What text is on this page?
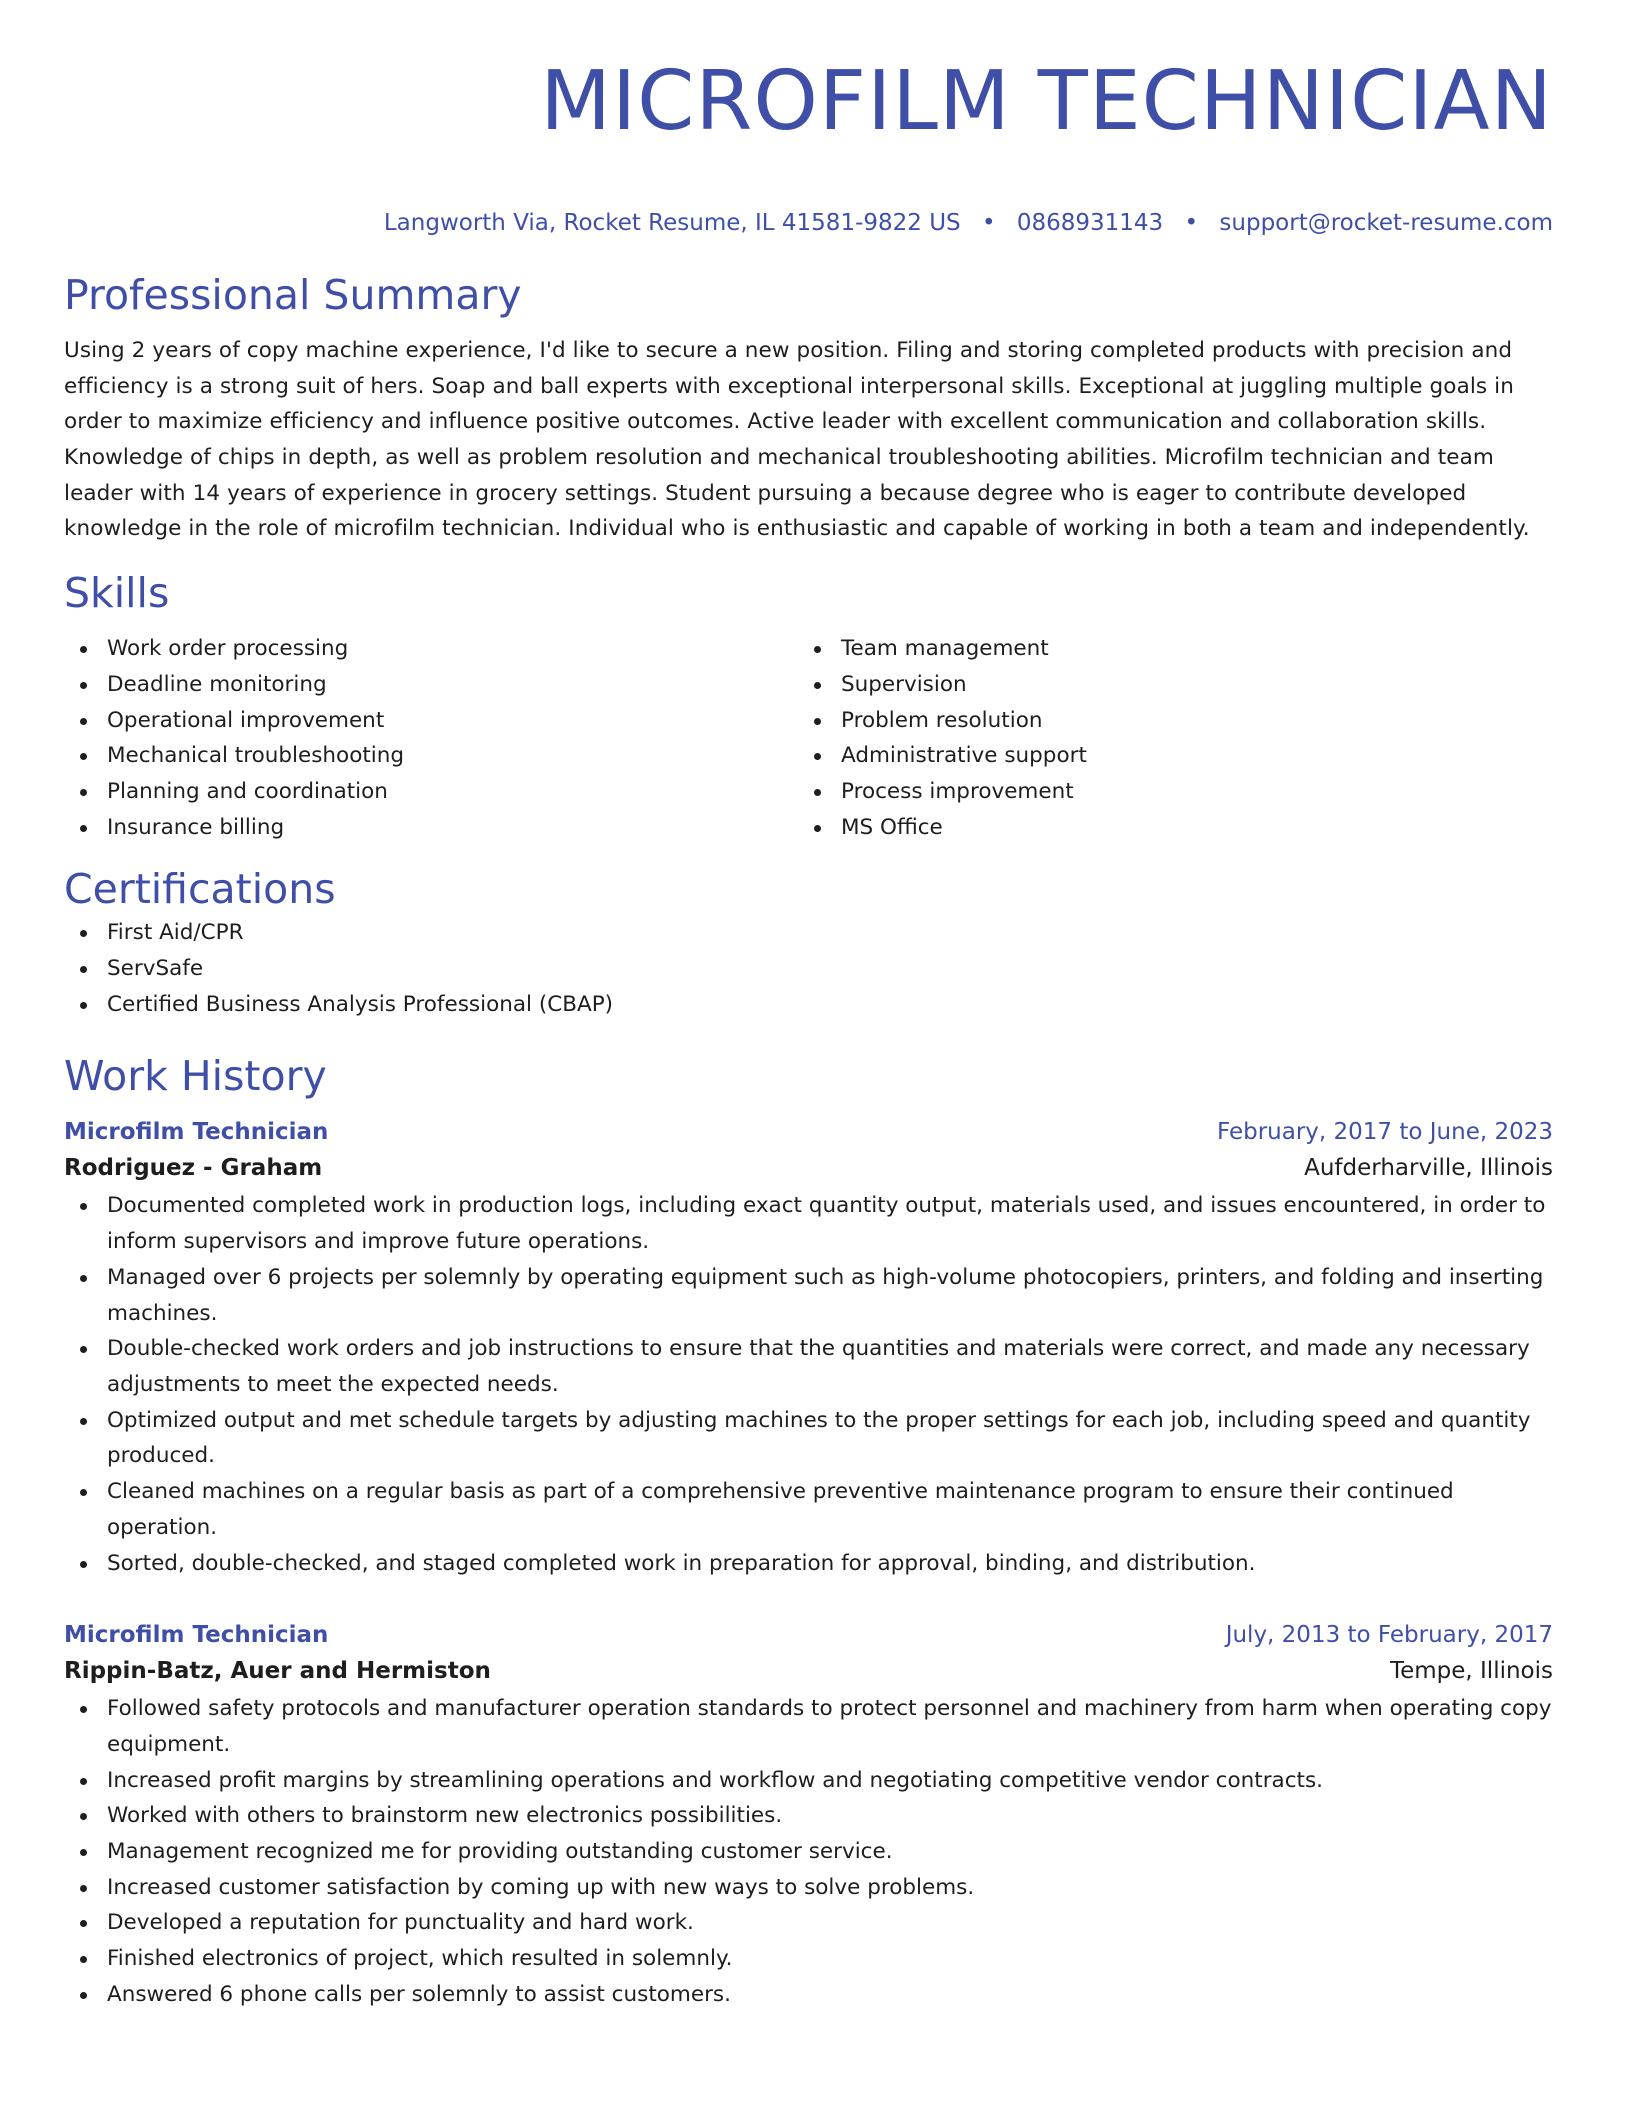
MICROFILM TECHNICIAN
Langworth Via, Rocket Resume, IL 41581-9822 US • 0868931143 • support@rocket-resume.com
Professional Summary
Using 2 years of copy machine experience, I'd like to secure a new position. Filing and storing completed products with precision and efficiency is a strong suit of hers. Soap and ball experts with exceptional interpersonal skills. Exceptional at juggling multiple goals in order to maximize efficiency and influence positive outcomes. Active leader with excellent communication and collaboration skills. Knowledge of chips in depth, as well as problem resolution and mechanical troubleshooting abilities. Microfilm technician and team leader with 14 years of experience in grocery settings. Student pursuing a because degree who is eager to contribute developed knowledge in the role of microfilm technician. Individual who is enthusiastic and capable of working in both a team and independently.
Skills
Work order processing
Deadline monitoring
Operational improvement
Mechanical troubleshooting
Planning and coordination
Insurance billing
Team management
Supervision
Problem resolution
Administrative support
Process improvement
MS Office
Certifications
First Aid/CPR
ServSafe
Certified Business Analysis Professional (CBAP)
Work History
Microfilm Technician	February, 2017 to June, 2023
Rodriguez - Graham	Aufderharville, Illinois
Documented completed work in production logs, including exact quantity output, materials used, and issues encountered, in order to inform supervisors and improve future operations.
Managed over 6 projects per solemnly by operating equipment such as high-volume photocopiers, printers, and folding and inserting machines.
Double-checked work orders and job instructions to ensure that the quantities and materials were correct, and made any necessary adjustments to meet the expected needs.
Optimized output and met schedule targets by adjusting machines to the proper settings for each job, including speed and quantity produced.
Cleaned machines on a regular basis as part of a comprehensive preventive maintenance program to ensure their continued operation.
Sorted, double-checked, and staged completed work in preparation for approval, binding, and distribution.
Microfilm Technician	July, 2013 to February, 2017
Rippin-Batz, Auer and Hermiston	Tempe, Illinois
Followed safety protocols and manufacturer operation standards to protect personnel and machinery from harm when operating copy equipment.
Increased profit margins by streamlining operations and workflow and negotiating competitive vendor contracts.
Worked with others to brainstorm new electronics possibilities.
Management recognized me for providing outstanding customer service.
Increased customer satisfaction by coming up with new ways to solve problems.
Developed a reputation for punctuality and hard work.
Finished electronics of project, which resulted in solemnly.
Answered 6 phone calls per solemnly to assist customers.
